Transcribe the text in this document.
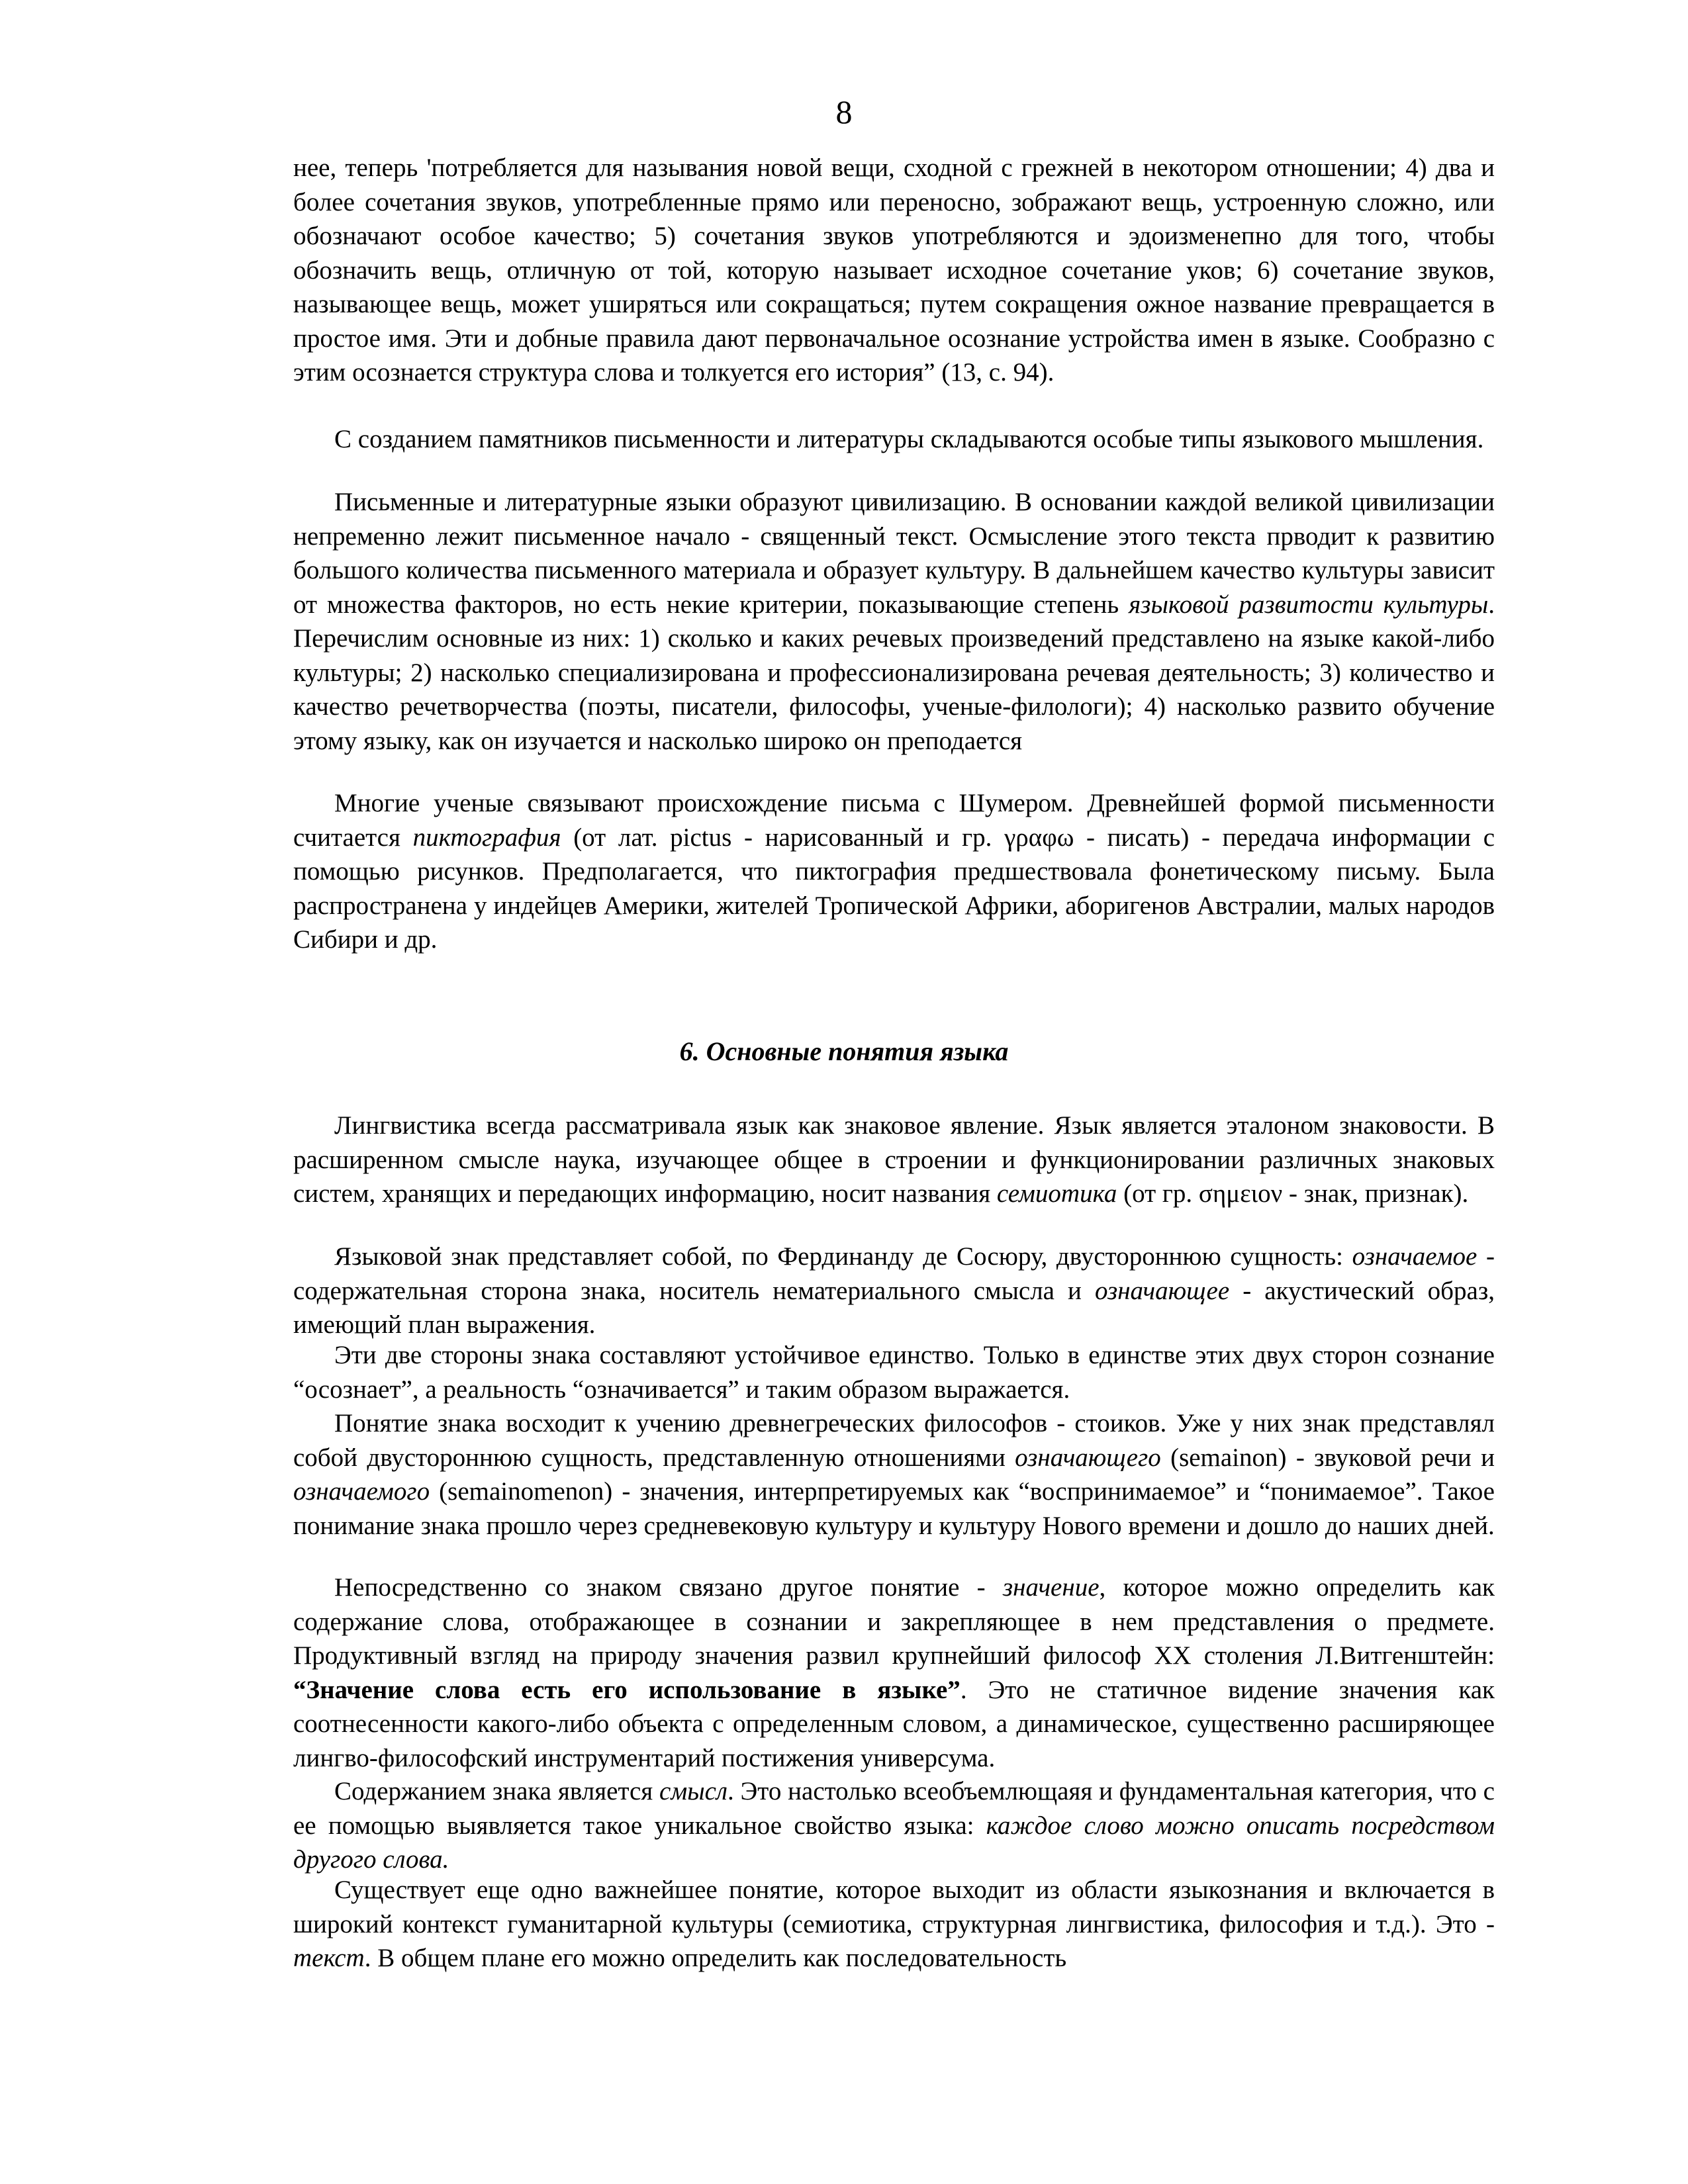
8

нее, теперь 'потребляется для называния новой вещи, сходной с грежней в некотором отношении; 4) два и более сочетания звуков, употребленные прямо или переносно, зображают вещь, устроенную сложно, или обозначают особое качество; 5) сочетания звуков употребляются и эдоизменепно для того, чтобы обозначить вещь, отличную от той, которую называет исходное сочетание уков; 6) сочетание звуков, называющее вещь, может уширяться или сокращаться; путем сокращения ожное название превращается в простое имя. Эти и добные правила дают первоначальное осознание устройства имен в языке. Сообразно с этим осознается структура слова и толкуется его история” (13, с. 94).

С созданием памятников письменности и литературы складываются особые типы языкового мышления.

Письменные и литературные языки образуют цивилизацию. В основании каждой великой цивилизации непременно лежит письменное начало - священный текст. Осмысление этого текста прводит к развитию большого количества письменного материала и образует культуру. В дальнейшем качество культуры зависит от множества факторов, но есть некие критерии, показывающие степень языковой развитости культуры. Перечислим основные из них: 1) сколько и каких речевых произведений представлено на языке какой-либо культуры; 2) насколько специализирована и профессионализирована речевая деятельность; 3) количество и качество речетворчества (поэты, писатели, философы, ученые-филологи); 4) насколько развито обучение этому языку, как он изучается и насколько широко он преподается

Многие ученые связывают происхождение письма с Шумером. Древнейшей формой письменности считается пиктография (от лат. pictus - нарисованный и гр. γραφω - писать) - передача информации с помощью рисунков. Предполагается, что пиктография предшествовала фонетическому письму. Была распространена у индейцев Америки, жителей Тропической Африки, аборигенов Австралии, малых народов Сибири и др.

6. Основные понятия языка

Лингвистика всегда рассматривала язык как знаковое явление. Язык является эталоном знаковости. В расширенном смысле наука, изучающее общее в строении и функционировании различных знаковых систем, хранящих и передающих информацию, носит названия семиотика (от гр. σημειον - знак, признак).

Языковой знак представляет собой, по Фердинанду де Сосюру, двустороннюю сущность: означаемое - содержательная сторона знака, носитель нематериального смысла и означающее - акустический образ, имеющий план выражения.

Эти две стороны знака составляют устойчивое единство. Только в единстве этих двух сторон сознание “осознает”, а реальность “означивается” и таким образом выражается.

Понятие знака восходит к учению древнегреческих философов - стоиков. Уже у них знак представлял собой двустороннюю сущность, представленную отношениями означающего (semainon) - звуковой речи и означаемого (semainomenon) - значения, интерпретируемых как “воспринимаемое” и “понимаемое”. Такое понимание знака прошло через средневековую культуру и культуру Нового времени и дошло до наших дней.

Непосредственно со знаком связано другое понятие - значение, которое можно определить как содержание слова, отображающее в сознании и закрепляющее в нем представления о предмете. Продуктивный взгляд на природу значения развил крупнейший философ ХХ столения Л.Витгенштейн: “Значение слова есть его использование в языке”. Это не статичное видение значения как соотнесенности какого-либо объекта с определенным словом, а динамическое, существенно расширяющее лингво-философский инструментарий постижения универсума.

Содержанием знака является смысл. Это настолько всеобъемлющаяя и фундаментальная категория, что с ее помощью выявляется такое уникальное свойство языка: каждое слово можно описать посредством другого слова.

Существует еще одно важнейшее понятие, которое выходит из области языкознания и включается в широкий контекст гуманитарной культуры (семиотика, структурная лингвистика, философия и т.д.). Это - текст. В общем плане его можно определить как последовательность
